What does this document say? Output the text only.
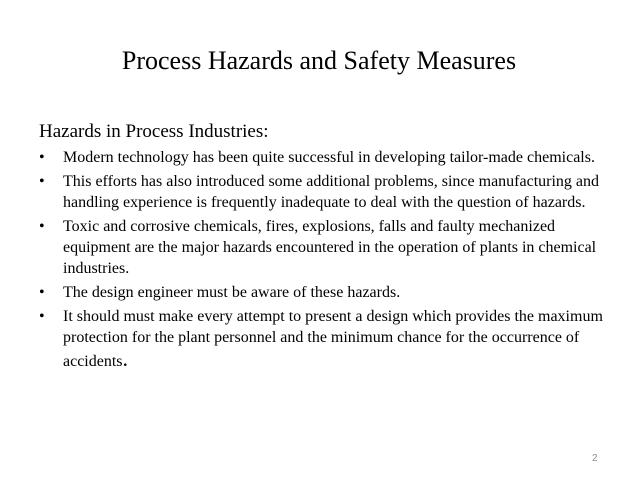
Process Hazards and Safety Measures
Hazards in Process Industries:
• Modern technology has been quite successful in developing tailor-made chemicals.
• This efforts has also introduced some additional problems, since manufacturing and handling experience is frequently inadequate to deal with the question of hazards.
• Toxic and corrosive chemicals, fires, explosions, falls and faulty mechanized equipment are the major hazards encountered in the operation of plants in chemical industries.
• The design engineer must be aware of these hazards.
• It should must make every attempt to present a design which provides the maximum protection for the plant personnel and the minimum chance for the occurrence of accidents.
2
